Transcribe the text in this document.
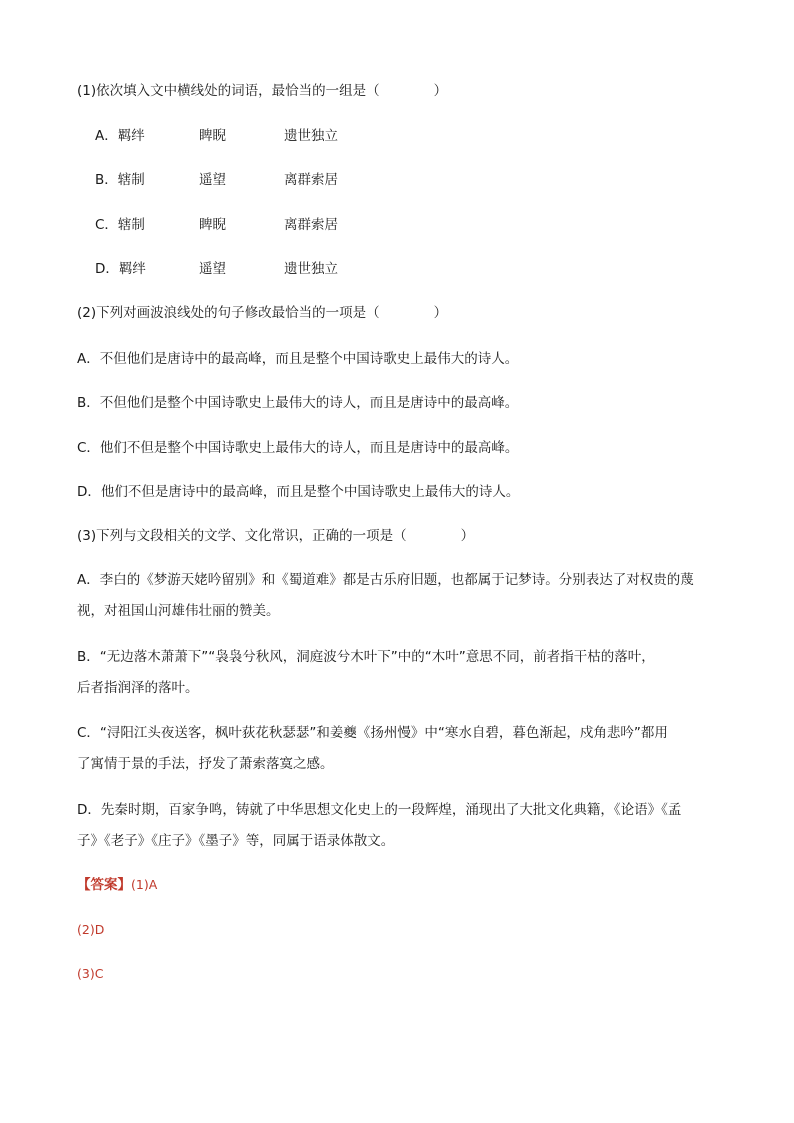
(1)依次填入文中横线处的词语，最恰当的一组是（　　　　）
A．羁绊	睥睨	遗世独立
B．辖制	遥望	离群索居
C．辖制	睥睨	离群索居
D．羁绊	遥望	遗世独立
(2)下列对画波浪线处的句子修改最恰当的一项是（　　　　）
A．不但他们是唐诗中的最高峰，而且是整个中国诗歌史上最伟大的诗人。
B．不但他们是整个中国诗歌史上最伟大的诗人，而且是唐诗中的最高峰。
C．他们不但是整个中国诗歌史上最伟大的诗人，而且是唐诗中的最高峰。
D．他们不但是唐诗中的最高峰，而且是整个中国诗歌史上最伟大的诗人。
(3)下列与文段相关的文学、文化常识，正确的一项是（　　　　）
A．李白的《梦游天姥吟留别》和《蜀道难》都是古乐府旧题，也都属于记梦诗。分别表达了对权贵的蔑
视，对祖国山河雄伟壮丽的赞美。
B．“无边落木萧萧下”“袅袅兮秋风，洞庭波兮木叶下”中的“木叶”意思不同，前者指干枯的落叶，
后者指润泽的落叶。
C．“浔阳江头夜送客，枫叶荻花秋瑟瑟”和姜夔《扬州慢》中“寒水自碧，暮色渐起，戍角悲吟”都用
了寓情于景的手法，抒发了萧索落寞之感。
D．先秦时期，百家争鸣，铸就了中华思想文化史上的一段辉煌，涌现出了大批文化典籍，《论语》《孟
子》《老子》《庄子》《墨子》等，同属于语录体散文。
【答案】(1)A
(2)D
(3)C
